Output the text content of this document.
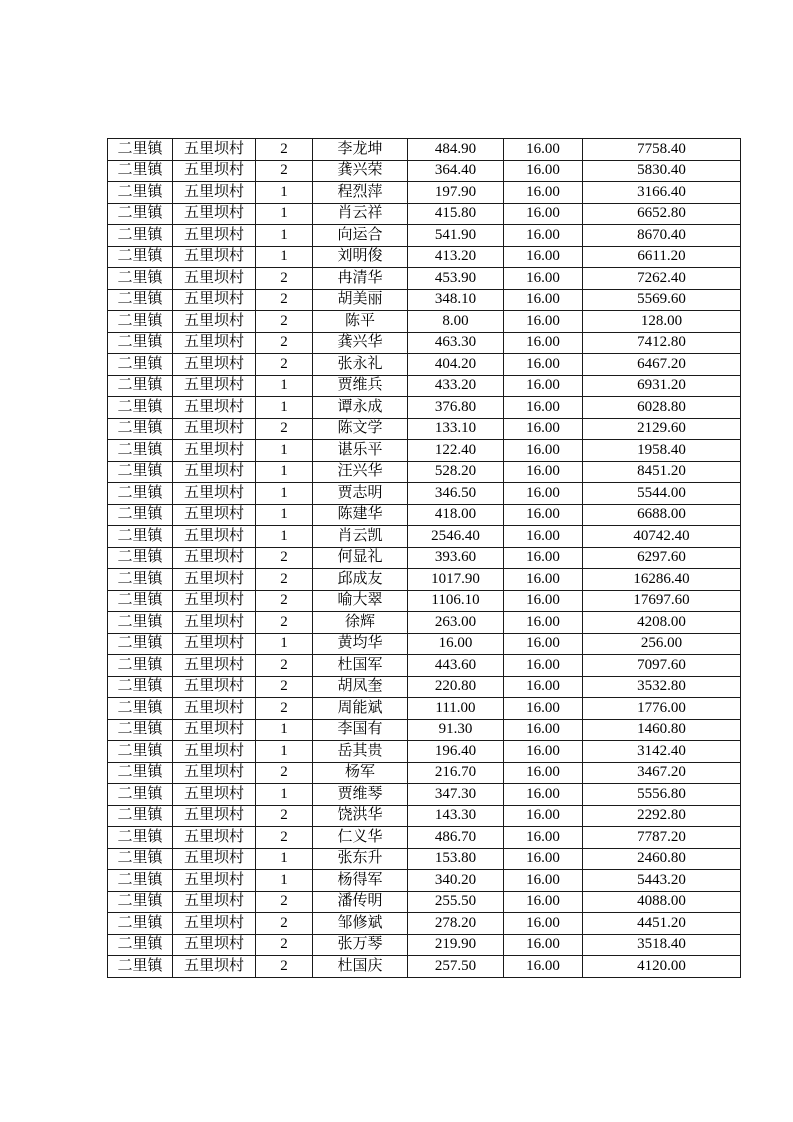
二里镇	五里坝村	2	李龙坤	484.90	16.00	7758.40
二里镇	五里坝村	2	龚兴荣	364.40	16.00	5830.40
二里镇	五里坝村	1	程烈萍	197.90	16.00	3166.40
二里镇	五里坝村	1	肖云祥	415.80	16.00	6652.80
二里镇	五里坝村	1	向运合	541.90	16.00	8670.40
二里镇	五里坝村	1	刘明俊	413.20	16.00	6611.20
二里镇	五里坝村	2	冉清华	453.90	16.00	7262.40
二里镇	五里坝村	2	胡美丽	348.10	16.00	5569.60
二里镇	五里坝村	2	陈平	8.00	16.00	128.00
二里镇	五里坝村	2	龚兴华	463.30	16.00	7412.80
二里镇	五里坝村	2	张永礼	404.20	16.00	6467.20
二里镇	五里坝村	1	贾维兵	433.20	16.00	6931.20
二里镇	五里坝村	1	谭永成	376.80	16.00	6028.80
二里镇	五里坝村	2	陈文学	133.10	16.00	2129.60
二里镇	五里坝村	1	谌乐平	122.40	16.00	1958.40
二里镇	五里坝村	1	汪兴华	528.20	16.00	8451.20
二里镇	五里坝村	1	贾志明	346.50	16.00	5544.00
二里镇	五里坝村	1	陈建华	418.00	16.00	6688.00
二里镇	五里坝村	1	肖云凯	2546.40	16.00	40742.40
二里镇	五里坝村	2	何显礼	393.60	16.00	6297.60
二里镇	五里坝村	2	邱成友	1017.90	16.00	16286.40
二里镇	五里坝村	2	喻大翠	1106.10	16.00	17697.60
二里镇	五里坝村	2	徐辉	263.00	16.00	4208.00
二里镇	五里坝村	1	黄均华	16.00	16.00	256.00
二里镇	五里坝村	2	杜国军	443.60	16.00	7097.60
二里镇	五里坝村	2	胡凤奎	220.80	16.00	3532.80
二里镇	五里坝村	2	周能斌	111.00	16.00	1776.00
二里镇	五里坝村	1	李国有	91.30	16.00	1460.80
二里镇	五里坝村	1	岳其贵	196.40	16.00	3142.40
二里镇	五里坝村	2	杨军	216.70	16.00	3467.20
二里镇	五里坝村	1	贾维琴	347.30	16.00	5556.80
二里镇	五里坝村	2	饶洪华	143.30	16.00	2292.80
二里镇	五里坝村	2	仁义华	486.70	16.00	7787.20
二里镇	五里坝村	1	张东升	153.80	16.00	2460.80
二里镇	五里坝村	1	杨得军	340.20	16.00	5443.20
二里镇	五里坝村	2	潘传明	255.50	16.00	4088.00
二里镇	五里坝村	2	邹修斌	278.20	16.00	4451.20
二里镇	五里坝村	2	张万琴	219.90	16.00	3518.40
二里镇	五里坝村	2	杜国庆	257.50	16.00	4120.00
